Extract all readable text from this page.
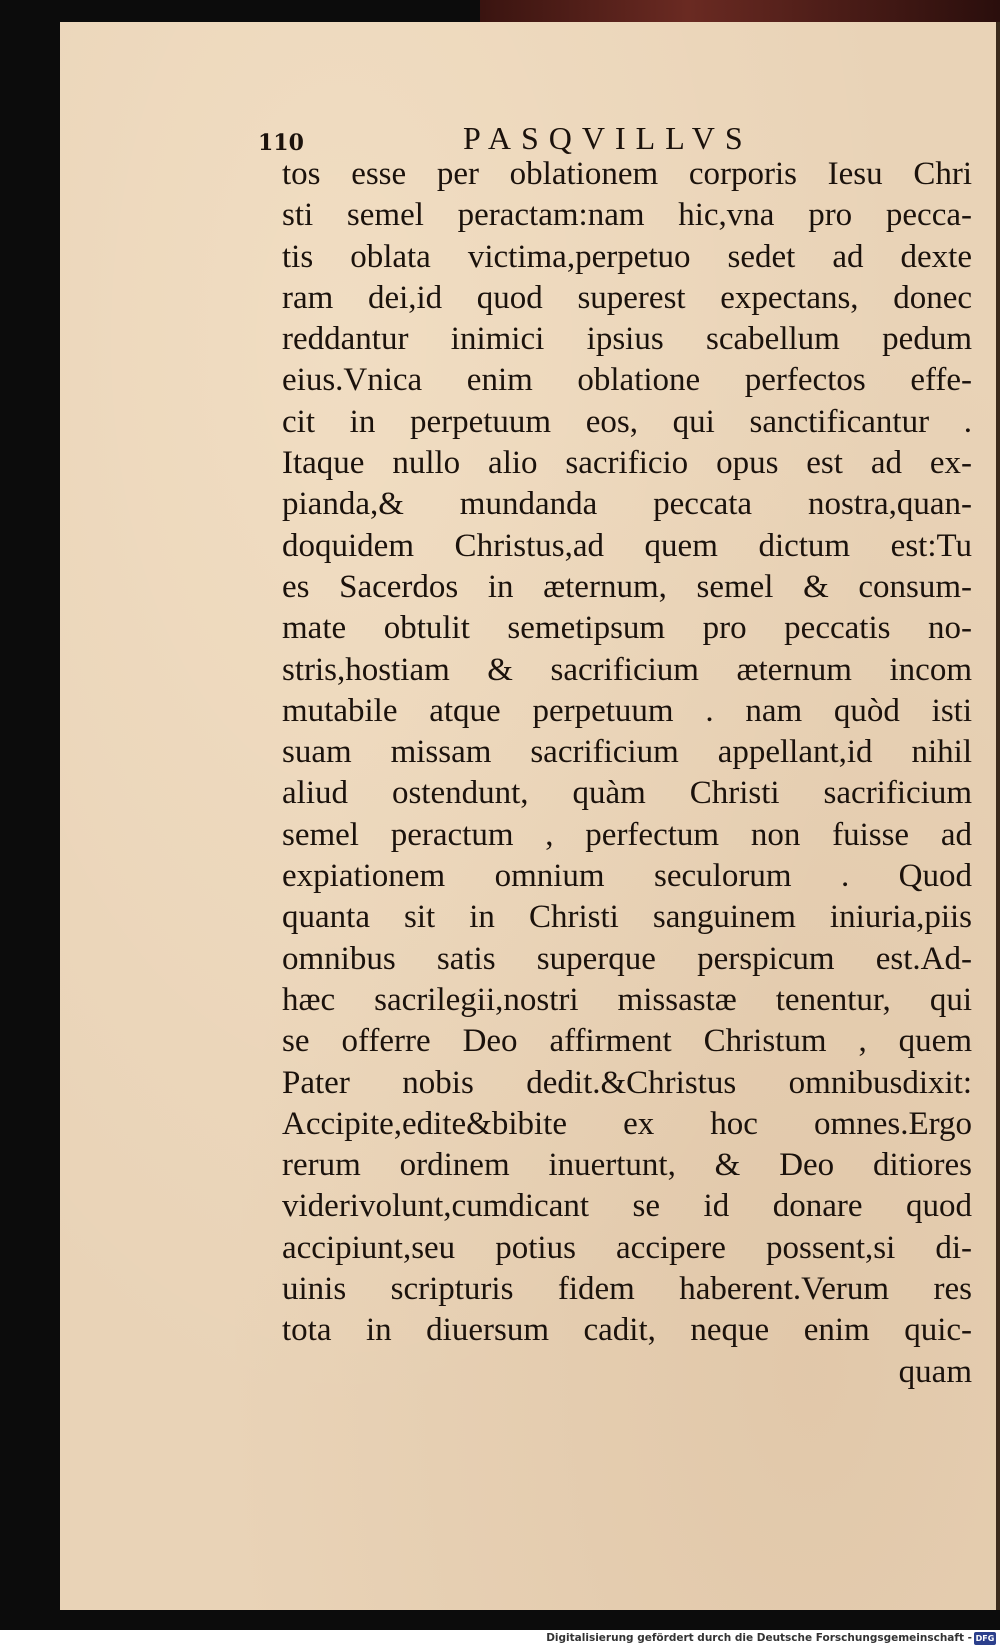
110	PASQVILLVS
tos esse per oblationem corporis Iesu Chri
sti semel peractam:nam hic,vna pro pecca-
tis oblata victima,perpetuo sedet ad dexte
ram dei,id quod superest expectans, donec
reddantur inimici ipsius scabellum pedum
eius.Vnica enim oblatione perfectos effe-
cit in perpetuum eos, qui sanctificantur .
Itaque nullo alio sacrificio opus est ad ex-
pianda,& mundanda peccata nostra,quan-
doquidem Christus,ad quem dictum est:Tu
es Sacerdos in æternum, semel & consum-
mate obtulit semetipsum pro peccatis no-
stris,hostiam & sacrificium æternum incom
mutabile atque perpetuum . nam quòd isti
suam missam sacrificium appellant,id nihil
aliud ostendunt, quàm Christi sacrificium
semel peractum , perfectum non fuisse ad
expiationem omnium seculorum . Quod
quanta sit in Christi sanguinem iniuria,piis
omnibus satis superque perspicum est.Ad-
hæc sacrilegii,nostri missastæ tenentur, qui
se offerre Deo affirment Christum , quem
Pater nobis dedit.&Christus omnibusdixit:
Accipite,edite&bibite ex hoc omnes.Ergo
rerum ordinem inuertunt, & Deo ditiores
viderivolunt,cumdicant se id donare quod
accipiunt,seu potius accipere possent,si di-
uinis scripturis fidem haberent.Verum res
tota in diuersum cadit, neque enim quic-
quam
Digitalisierung gefördert durch die Deutsche Forschungsgemeinschaft - DFG
